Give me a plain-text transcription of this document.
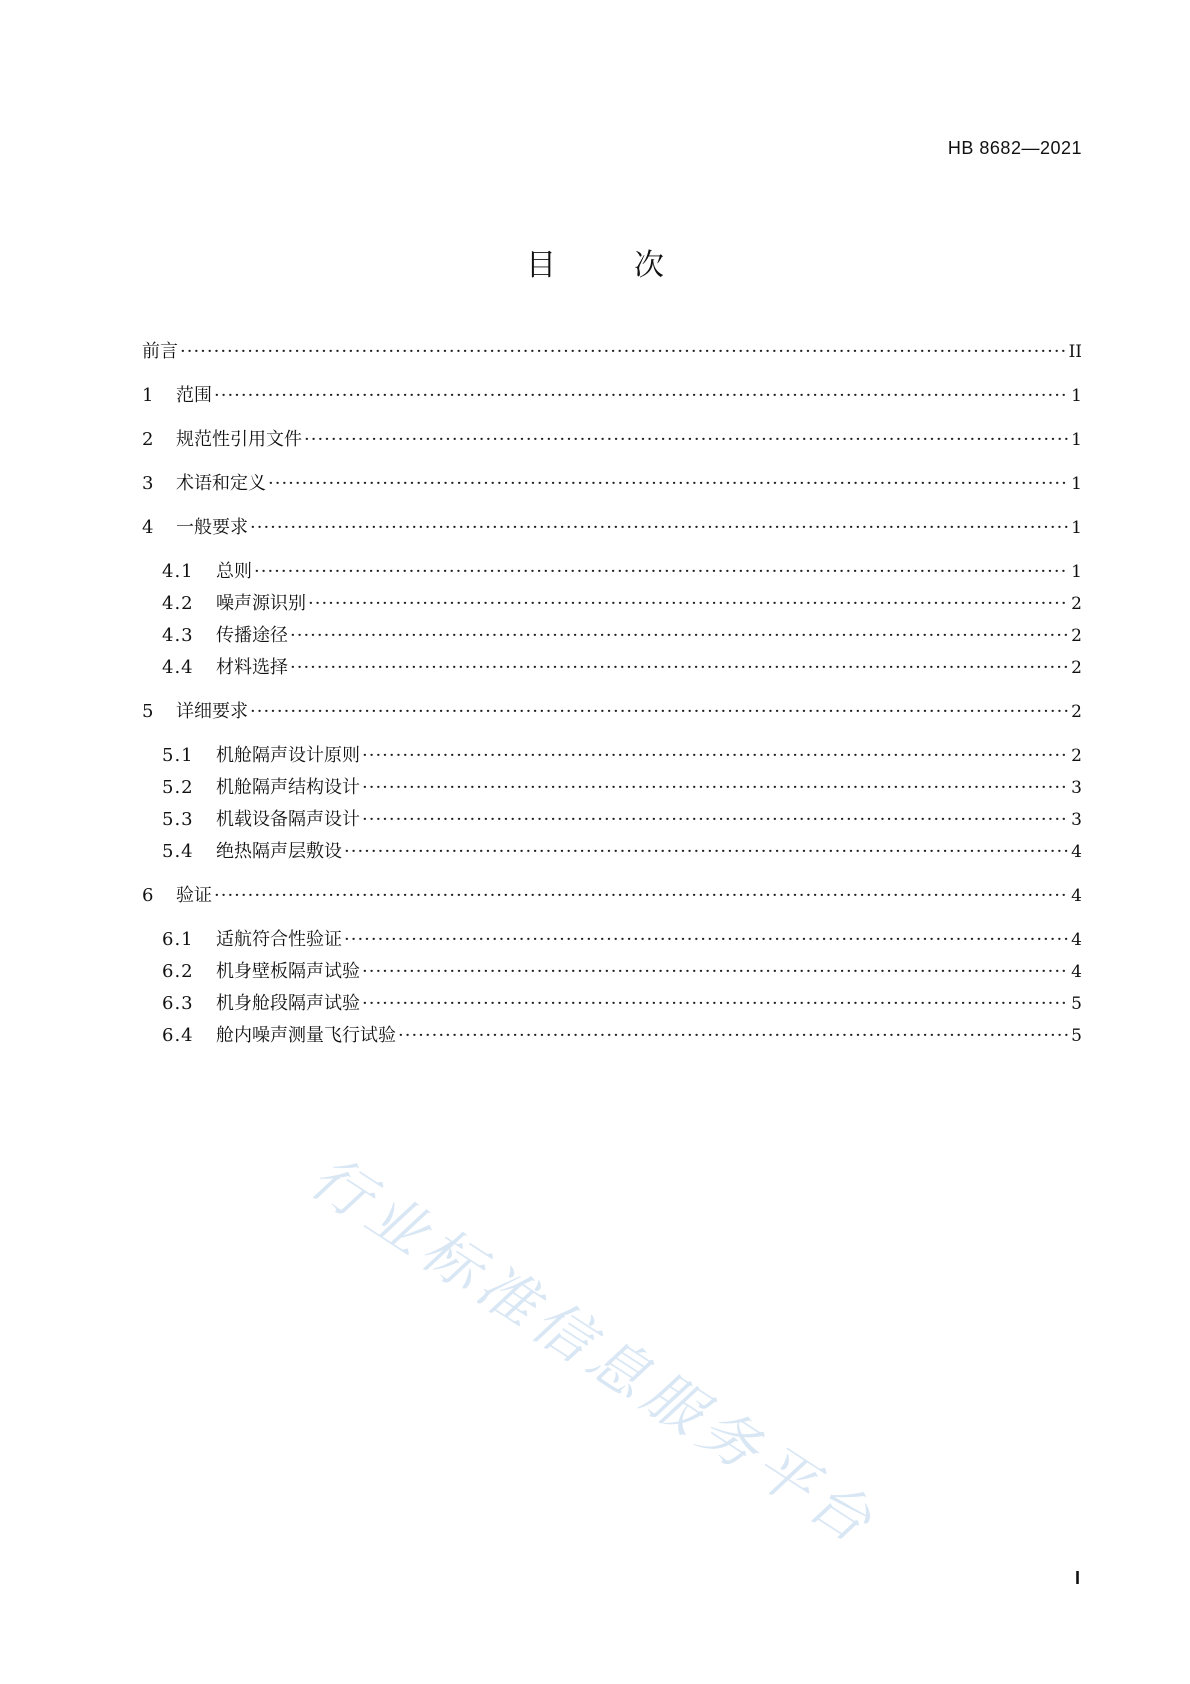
HB 8682—2021
目	次
前言 ·····	II
1	范围 ·····	1
2	规范性引用文件 ·····	1
3	术语和定义 ·····	1
4	一般要求 ·····	1
4.1	总则 ·····	1
4.2	噪声源识别 ·····	2
4.3	传播途径 ·····	2
4.4	材料选择 ·····	2
5	详细要求 ·····	2
5.1	机舱隔声设计原则 ·····	2
5.2	机舱隔声结构设计 ·····	3
5.3	机载设备隔声设计 ·····	3
5.4	绝热隔声层敷设 ·····	4
6	验证 ·····	4
6.1	适航符合性验证 ·····	4
6.2	机身壁板隔声试验 ·····	4
6.3	机身舱段隔声试验 ·····	5
6.4	舱内噪声测量飞行试验 ·····	5
行业标准信息服务平台
I
